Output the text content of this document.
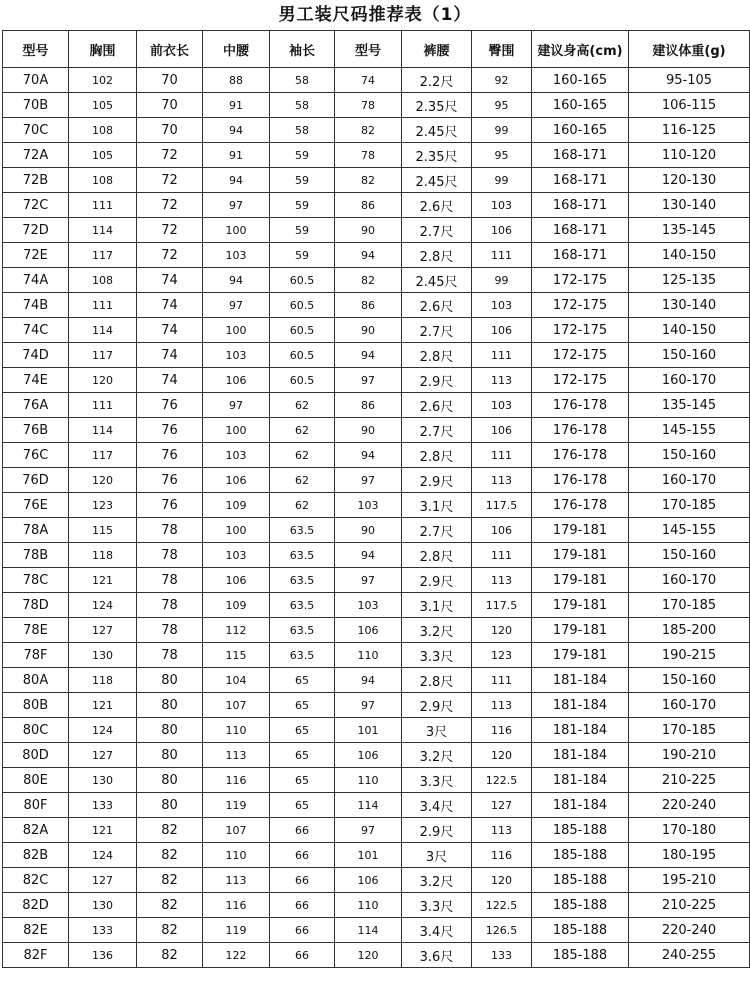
男工装尺码推荐表（1）
型号	胸围	前衣长	中腰	袖长	型号	裤腰	臀围	建议身高(cm)	建议体重(g)
70A	102	70	88	58	74	2.2尺	92	160-165	95-105
70B	105	70	91	58	78	2.35尺	95	160-165	106-115
70C	108	70	94	58	82	2.45尺	99	160-165	116-125
72A	105	72	91	59	78	2.35尺	95	168-171	110-120
72B	108	72	94	59	82	2.45尺	99	168-171	120-130
72C	111	72	97	59	86	2.6尺	103	168-171	130-140
72D	114	72	100	59	90	2.7尺	106	168-171	135-145
72E	117	72	103	59	94	2.8尺	111	168-171	140-150
74A	108	74	94	60.5	82	2.45尺	99	172-175	125-135
74B	111	74	97	60.5	86	2.6尺	103	172-175	130-140
74C	114	74	100	60.5	90	2.7尺	106	172-175	140-150
74D	117	74	103	60.5	94	2.8尺	111	172-175	150-160
74E	120	74	106	60.5	97	2.9尺	113	172-175	160-170
76A	111	76	97	62	86	2.6尺	103	176-178	135-145
76B	114	76	100	62	90	2.7尺	106	176-178	145-155
76C	117	76	103	62	94	2.8尺	111	176-178	150-160
76D	120	76	106	62	97	2.9尺	113	176-178	160-170
76E	123	76	109	62	103	3.1尺	117.5	176-178	170-185
78A	115	78	100	63.5	90	2.7尺	106	179-181	145-155
78B	118	78	103	63.5	94	2.8尺	111	179-181	150-160
78C	121	78	106	63.5	97	2.9尺	113	179-181	160-170
78D	124	78	109	63.5	103	3.1尺	117.5	179-181	170-185
78E	127	78	112	63.5	106	3.2尺	120	179-181	185-200
78F	130	78	115	63.5	110	3.3尺	123	179-181	190-215
80A	118	80	104	65	94	2.8尺	111	181-184	150-160
80B	121	80	107	65	97	2.9尺	113	181-184	160-170
80C	124	80	110	65	101	3尺	116	181-184	170-185
80D	127	80	113	65	106	3.2尺	120	181-184	190-210
80E	130	80	116	65	110	3.3尺	122.5	181-184	210-225
80F	133	80	119	65	114	3.4尺	127	181-184	220-240
82A	121	82	107	66	97	2.9尺	113	185-188	170-180
82B	124	82	110	66	101	3尺	116	185-188	180-195
82C	127	82	113	66	106	3.2尺	120	185-188	195-210
82D	130	82	116	66	110	3.3尺	122.5	185-188	210-225
82E	133	82	119	66	114	3.4尺	126.5	185-188	220-240
82F	136	82	122	66	120	3.6尺	133	185-188	240-255
